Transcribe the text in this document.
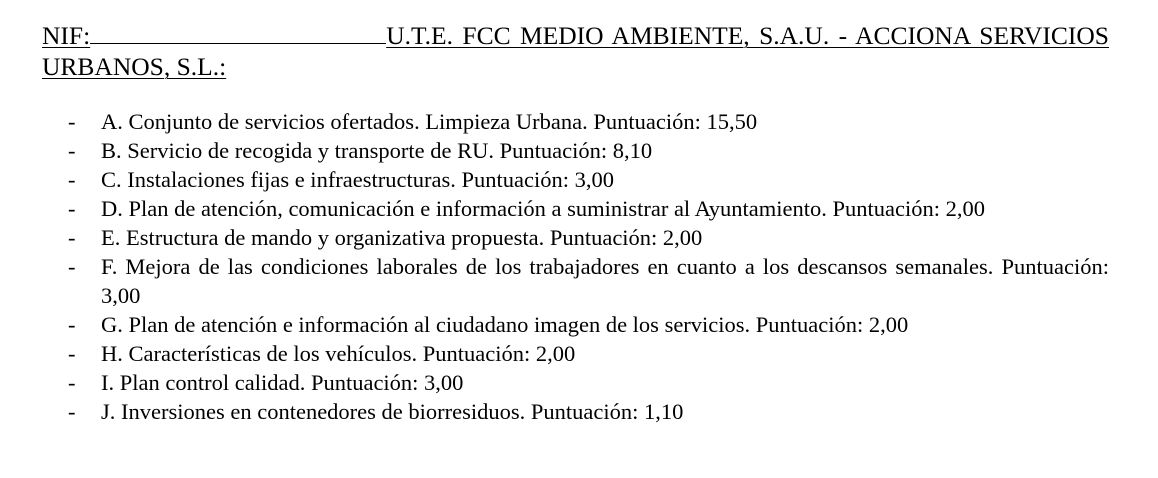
NIF:	U.T.E. FCC MEDIO AMBIENTE, S.A.U. - ACCIONA SERVICIOS URBANOS, S.L.:

- A. Conjunto de servicios ofertados. Limpieza Urbana. Puntuación: 15,50
- B. Servicio de recogida y transporte de RU. Puntuación: 8,10
- C. Instalaciones fijas e infraestructuras. Puntuación: 3,00
- D. Plan de atención, comunicación e información a suministrar al Ayuntamiento. Puntuación: 2,00
- E. Estructura de mando y organizativa propuesta. Puntuación: 2,00
- F. Mejora de las condiciones laborales de los trabajadores en cuanto a los descansos semanales. Puntuación: 3,00
- G. Plan de atención e información al ciudadano imagen de los servicios. Puntuación: 2,00
- H. Características de los vehículos. Puntuación: 2,00
- I. Plan control calidad. Puntuación: 3,00
- J. Inversiones en contenedores de biorresiduos. Puntuación: 1,10
